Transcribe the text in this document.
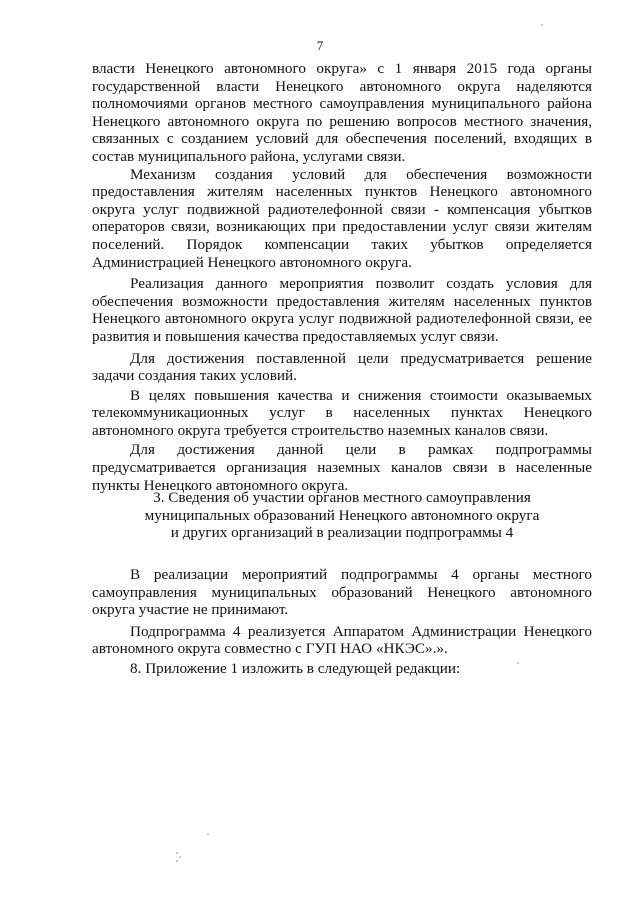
7

власти Ненецкого автономного округа» с 1 января 2015 года органы государственной власти Ненецкого автономного округа наделяются полномочиями органов местного самоуправления муниципального района Ненецкого автономного округа по решению вопросов местного значения, связанных с созданием условий для обеспечения поселений, входящих в состав муниципального района, услугами связи.

Механизм создания условий для обеспечения возможности предоставления жителям населенных пунктов Ненецкого автономного округа услуг подвижной радиотелефонной связи - компенсация убытков операторов связи, возникающих при предоставлении услуг связи жителям поселений. Порядок компенсации таких убытков определяется Администрацией Ненецкого автономного округа.

Реализация данного мероприятия позволит создать условия для обеспечения возможности предоставления жителям населенных пунктов Ненецкого автономного округа услуг подвижной радиотелефонной связи, ее развития и повышения качества предоставляемых услуг связи.

Для достижения поставленной цели предусматривается решение задачи создания таких условий.

В целях повышения качества и снижения стоимости оказываемых телекоммуникационных услуг в населенных пунктах Ненецкого автономного округа требуется строительство наземных каналов связи.

Для достижения данной цели в рамках подпрограммы предусматривается организация наземных каналов связи в населенные пункты Ненецкого автономного округа.

3. Сведения об участии органов местного самоуправления
муниципальных образований Ненецкого автономного округа
и других организаций в реализации подпрограммы 4

В реализации мероприятий подпрограммы 4 органы местного самоуправления муниципальных образований Ненецкого автономного округа участие не принимают.

Подпрограмма 4 реализуется Аппаратом Администрации Ненецкого автономного округа совместно с ГУП НАО «НКЭС».».

8. Приложение 1 изложить в следующей редакции:
